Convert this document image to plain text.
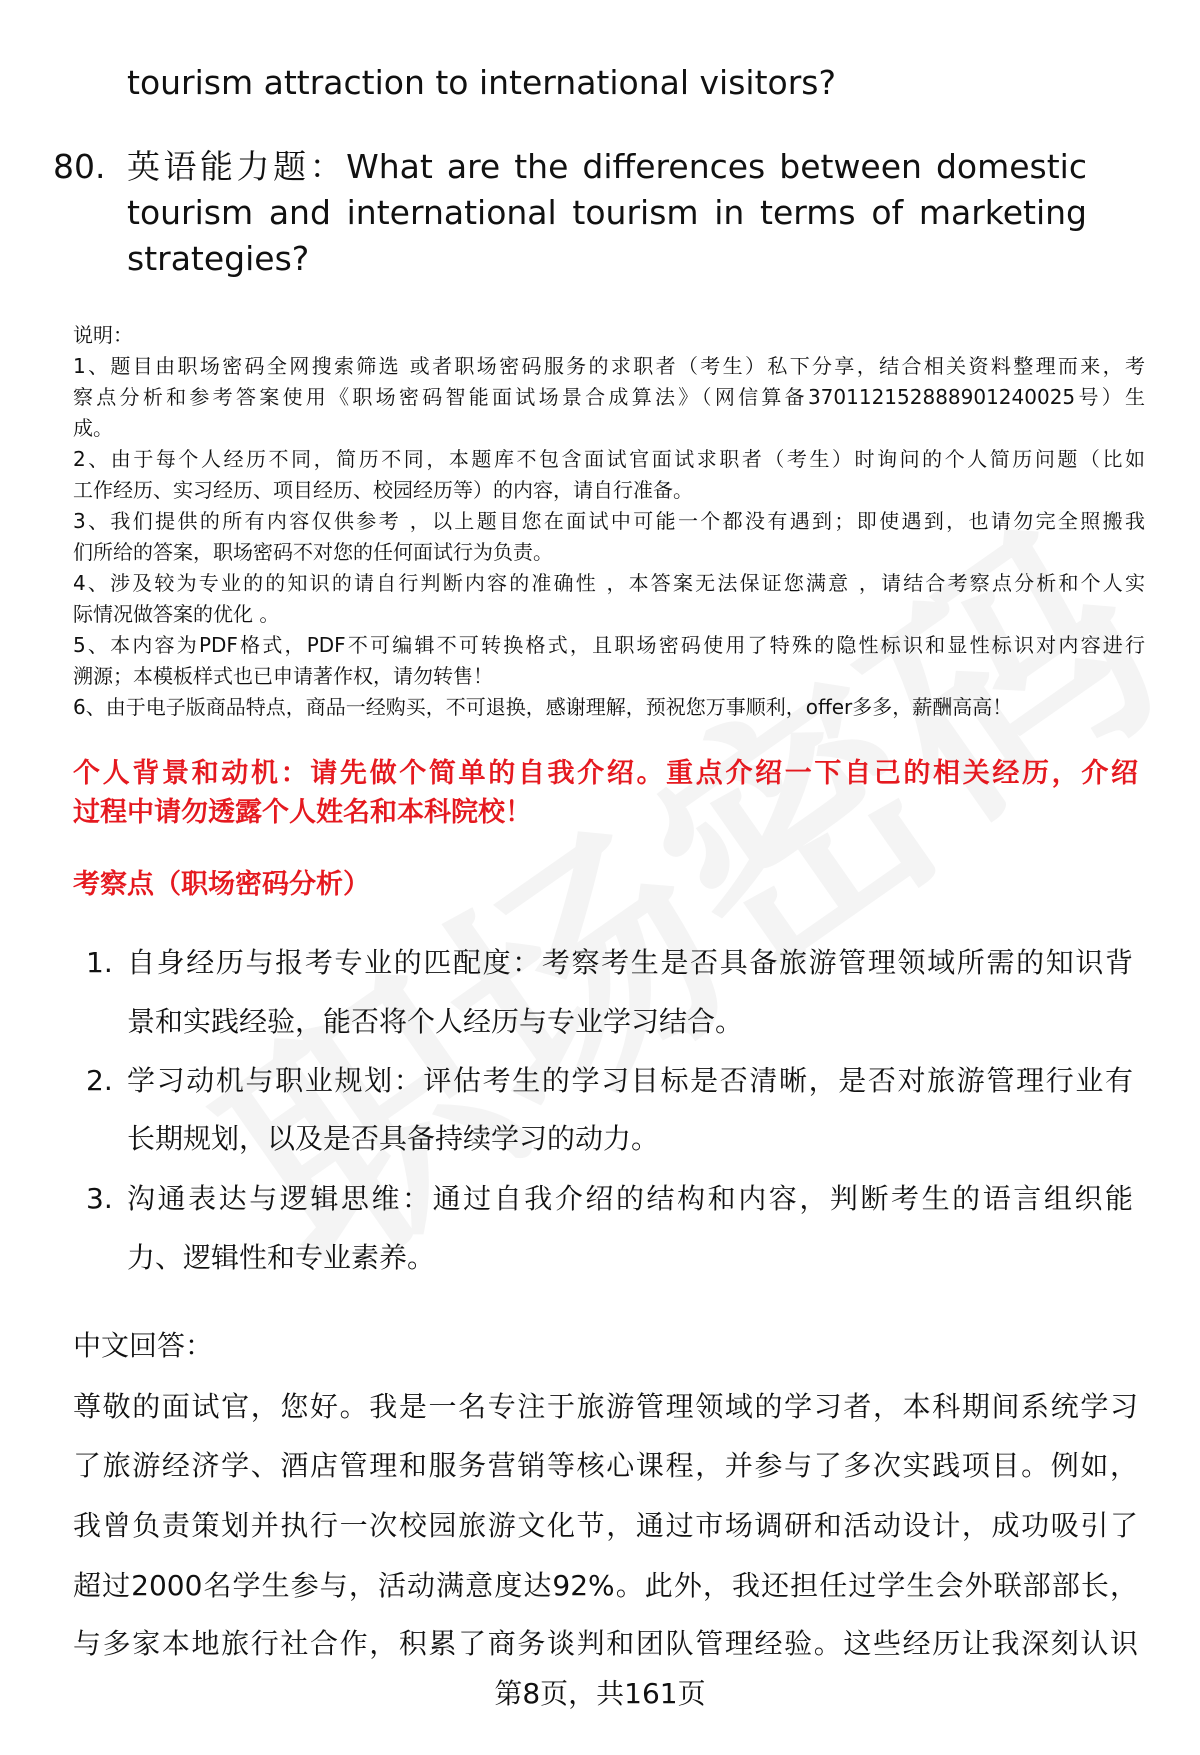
tourism attraction to international visitors?
80. 英语能力题：What are the differences between domestic
tourism and international tourism in terms of marketing
strategies?
说明：
1、题目由职场密码全网搜索筛选 或者职场密码服务的求职者（考生）私下分享，结合相关资料整理而来，考
察点分析和参考答案使用《职场密码智能面试场景合成算法》（网信算备370112152888901240025号）生
成。
2、由于每个人经历不同，简历不同，本题库不包含面试官面试求职者（考生）时询问的个人简历问题（比如
工作经历、实习经历、项目经历、校园经历等）的内容，请自行准备。
3、我们提供的所有内容仅供参考 ，以上题目您在面试中可能一个都没有遇到；即使遇到，也请勿完全照搬我
们所给的答案，职场密码不对您的任何面试行为负责。
4、涉及较为专业的的知识的请自行判断内容的准确性 ，本答案无法保证您满意 ，请结合考察点分析和个人实
际情况做答案的优化 。
5、本内容为PDF格式，PDF不可编辑不可转换格式，且职场密码使用了特殊的隐性标识和显性标识对内容进行
溯源；本模板样式也已申请著作权，请勿转售！
6、由于电子版商品特点，商品一经购买，不可退换，感谢理解，预祝您万事顺利，offer多多，薪酬高高！
个人背景和动机：请先做个简单的自我介绍。重点介绍一下自己的相关经历，介绍
过程中请勿透露个人姓名和本科院校！
考察点（职场密码分析）
1. 自身经历与报考专业的匹配度：考察考生是否具备旅游管理领域所需的知识背
景和实践经验，能否将个人经历与专业学习结合。
2. 学习动机与职业规划：评估考生的学习目标是否清晰，是否对旅游管理行业有
长期规划，以及是否具备持续学习的动力。
3. 沟通表达与逻辑思维：通过自我介绍的结构和内容，判断考生的语言组织能
力、逻辑性和专业素养。
中文回答：
尊敬的面试官，您好。我是一名专注于旅游管理领域的学习者，本科期间系统学习
了旅游经济学、酒店管理和服务营销等核心课程，并参与了多次实践项目。例如，
我曾负责策划并执行一次校园旅游文化节，通过市场调研和活动设计，成功吸引了
超过2000名学生参与，活动满意度达92%。此外，我还担任过学生会外联部部长，
与多家本地旅行社合作，积累了商务谈判和团队管理经验。这些经历让我深刻认识
第8页，共161页
